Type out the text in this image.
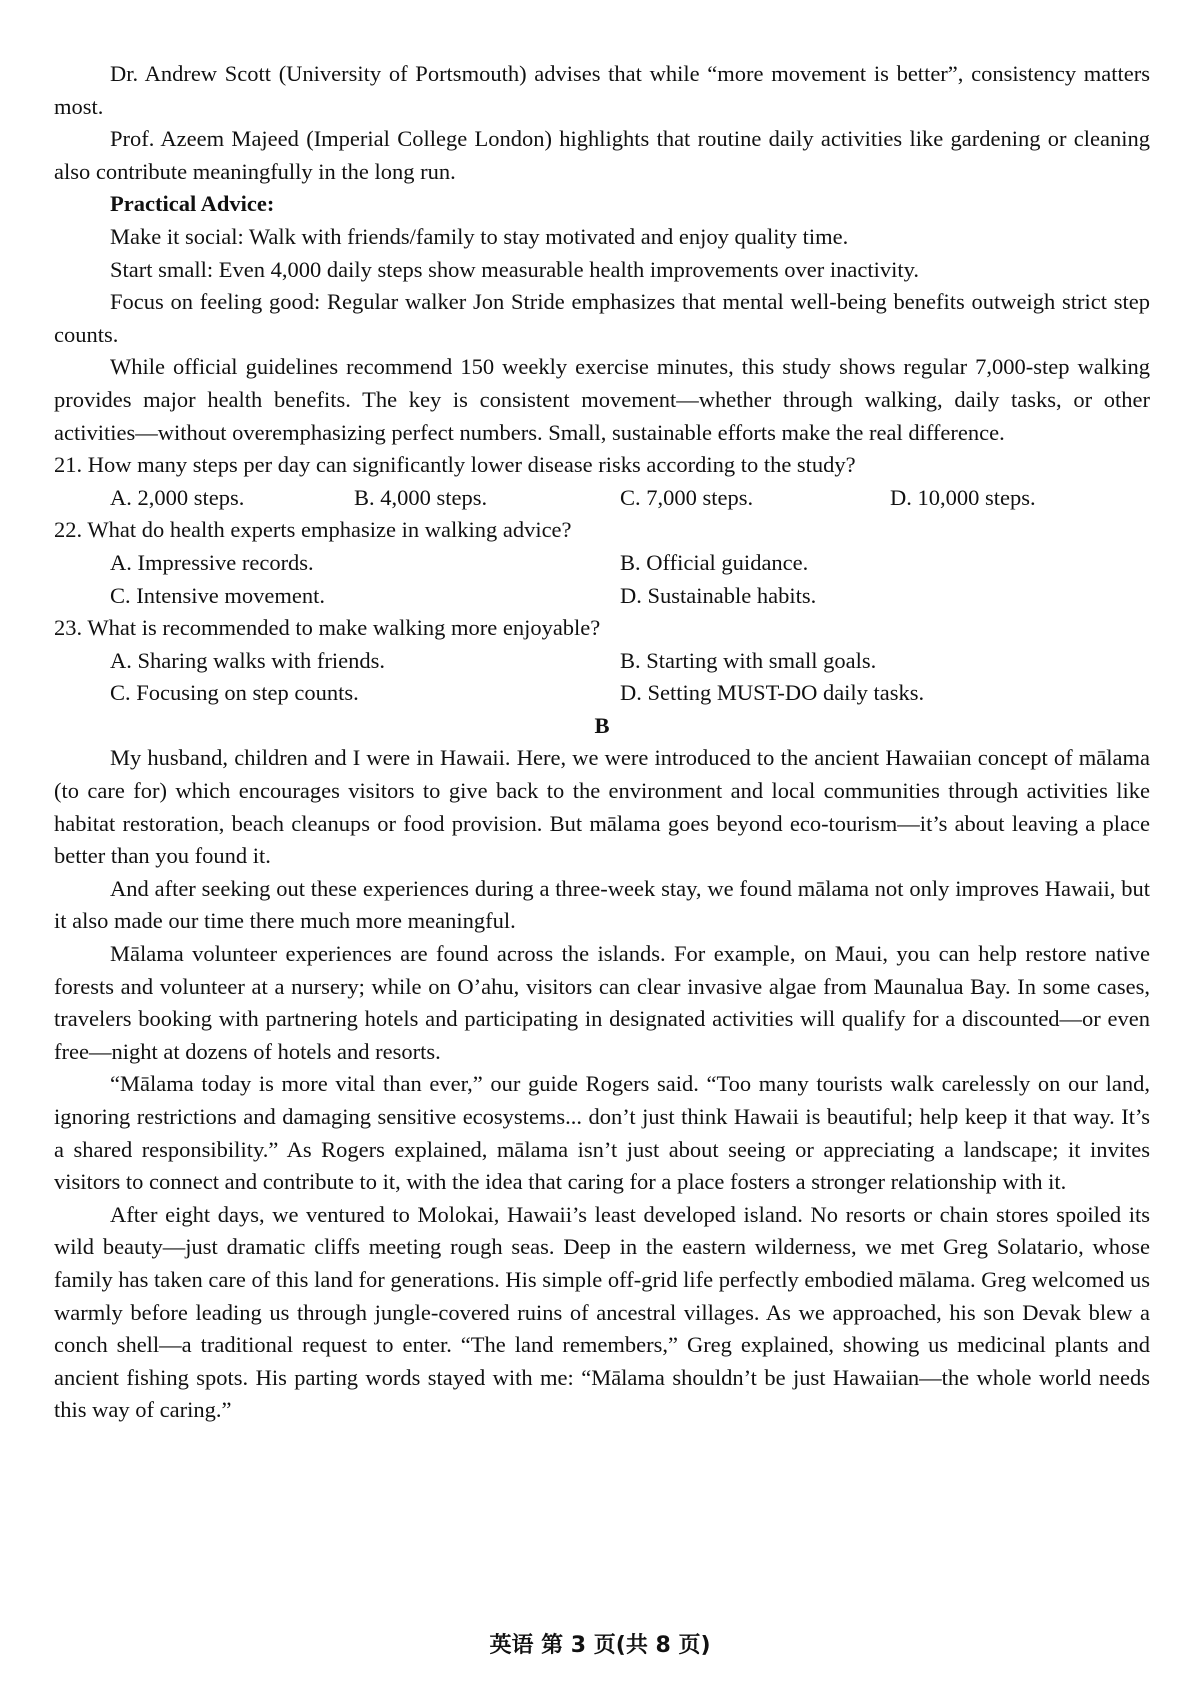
Dr. Andrew Scott (University of Portsmouth) advises that while “more movement is better”, consistency matters most.

Prof. Azeem Majeed (Imperial College London) highlights that routine daily activities like gardening or cleaning also contribute meaningfully in the long run.

Practical Advice:

Make it social: Walk with friends/family to stay motivated and enjoy quality time.

Start small: Even 4,000 daily steps show measurable health improvements over inactivity.

Focus on feeling good: Regular walker Jon Stride emphasizes that mental well-being benefits outweigh strict step counts.

While official guidelines recommend 150 weekly exercise minutes, this study shows regular 7,000-step walking provides major health benefits. The key is consistent movement—whether through walking, daily tasks, or other activities—without overemphasizing perfect numbers. Small, sustainable efforts make the real difference.

21. How many steps per day can significantly lower disease risks according to the study?
A. 2,000 steps.	B. 4,000 steps.	C. 7,000 steps.	D. 10,000 steps.
22. What do health experts emphasize in walking advice?
A. Impressive records.	B. Official guidance.
C. Intensive movement.	D. Sustainable habits.
23. What is recommended to make walking more enjoyable?
A. Sharing walks with friends.	B. Starting with small goals.
C. Focusing on step counts.	D. Setting MUST-DO daily tasks.
B

My husband, children and I were in Hawaii. Here, we were introduced to the ancient Hawaiian concept of mālama (to care for) which encourages visitors to give back to the environment and local communities through activities like habitat restoration, beach cleanups or food provision. But mālama goes beyond eco-tourism—it’s about leaving a place better than you found it.

And after seeking out these experiences during a three-week stay, we found mālama not only improves Hawaii, but it also made our time there much more meaningful.

Mālama volunteer experiences are found across the islands. For example, on Maui, you can help restore native forests and volunteer at a nursery; while on O’ahu, visitors can clear invasive algae from Maunalua Bay. In some cases, travelers booking with partnering hotels and participating in designated activities will qualify for a discounted—or even free—night at dozens of hotels and resorts.

“Mālama today is more vital than ever,” our guide Rogers said. “Too many tourists walk carelessly on our land, ignoring restrictions and damaging sensitive ecosystems... don’t just think Hawaii is beautiful; help keep it that way. It’s a shared responsibility.” As Rogers explained, mālama isn’t just about seeing or appreciating a landscape; it invites visitors to connect and contribute to it, with the idea that caring for a place fosters a stronger relationship with it.

After eight days, we ventured to Molokai, Hawaii’s least developed island. No resorts or chain stores spoiled its wild beauty—just dramatic cliffs meeting rough seas. Deep in the eastern wilderness, we met Greg Solatario, whose family has taken care of this land for generations. His simple off-grid life perfectly embodied mālama. Greg welcomed us warmly before leading us through jungle-covered ruins of ancestral villages. As we approached, his son Devak blew a conch shell—a traditional request to enter. “The land remembers,” Greg explained, showing us medicinal plants and ancient fishing spots. His parting words stayed with me: “Mālama shouldn’t be just Hawaiian—the whole world needs this way of caring.”

英语 第 3 页(共 8 页)
